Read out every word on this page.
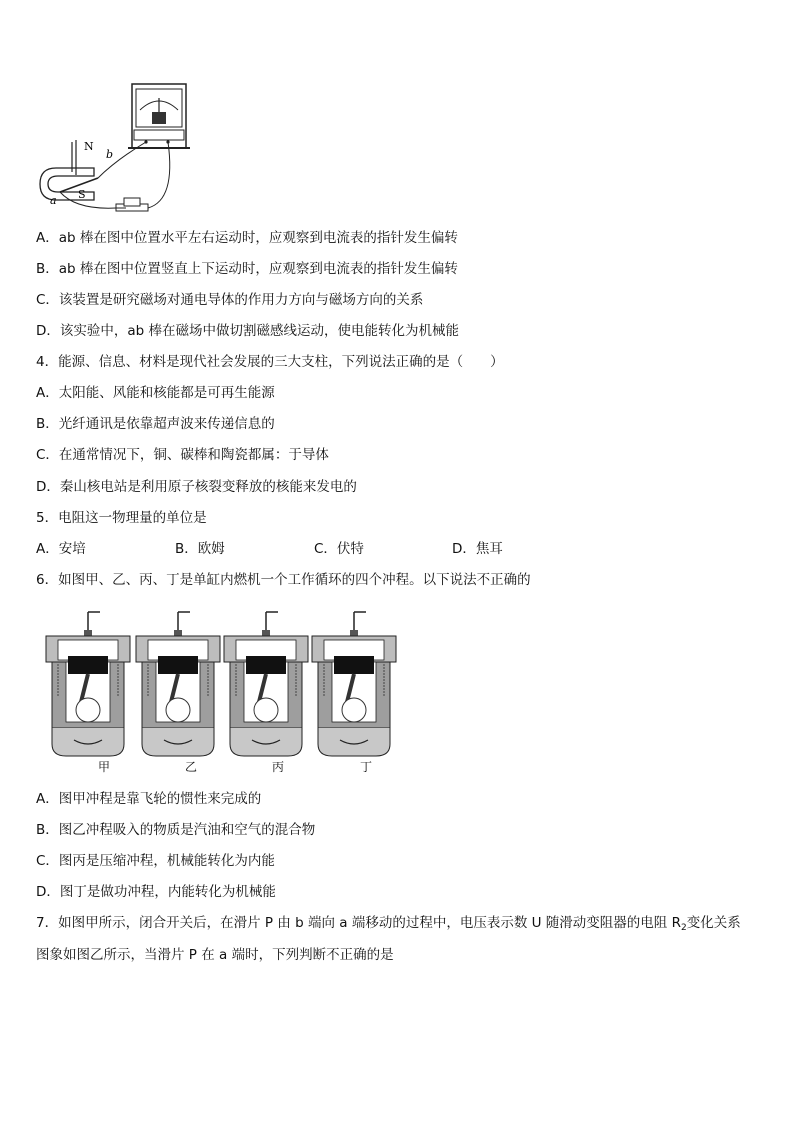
N
b
a S
A．ab 棒在图中位置水平左右运动时，应观察到电流表的指针发生偏转
B．ab 棒在图中位置竖直上下运动时，应观察到电流表的指针发生偏转
C．该装置是研究磁场对通电导体的作用力方向与磁场方向的关系
D．该实验中，ab 棒在磁场中做切割磁感线运动，使电能转化为机械能
4．能源、信息、材料是现代社会发展的三大支柱，下列说法正确的是（　　）
A．太阳能、风能和核能都是可再生能源
B．光纤通讯是依靠超声波来传递信息的
C．在通常情况下，铜、碳棒和陶瓷都属：于导体
D．秦山核电站是利用原子核裂变释放的核能来发电的
5．电阻这一物理量的单位是
A．安培	B．欧姆	C．伏特	D．焦耳
6．如图甲、乙、丙、丁是单缸内燃机一个工作循环的四个冲程。以下说法不正确的
甲	乙	丙	丁
A．图甲冲程是靠飞轮的惯性来完成的
B．图乙冲程吸入的物质是汽油和空气的混合物
C．图丙是压缩冲程，机械能转化为内能
D．图丁是做功冲程，内能转化为机械能
7．如图甲所示，闭合开关后，在滑片 P 由 b 端向 a 端移动的过程中，电压表示数 U 随滑动变阻器的电阻 $R_2$变化关系
图象如图乙所示，当滑片 P 在 a 端时，下列判断不正确的是
